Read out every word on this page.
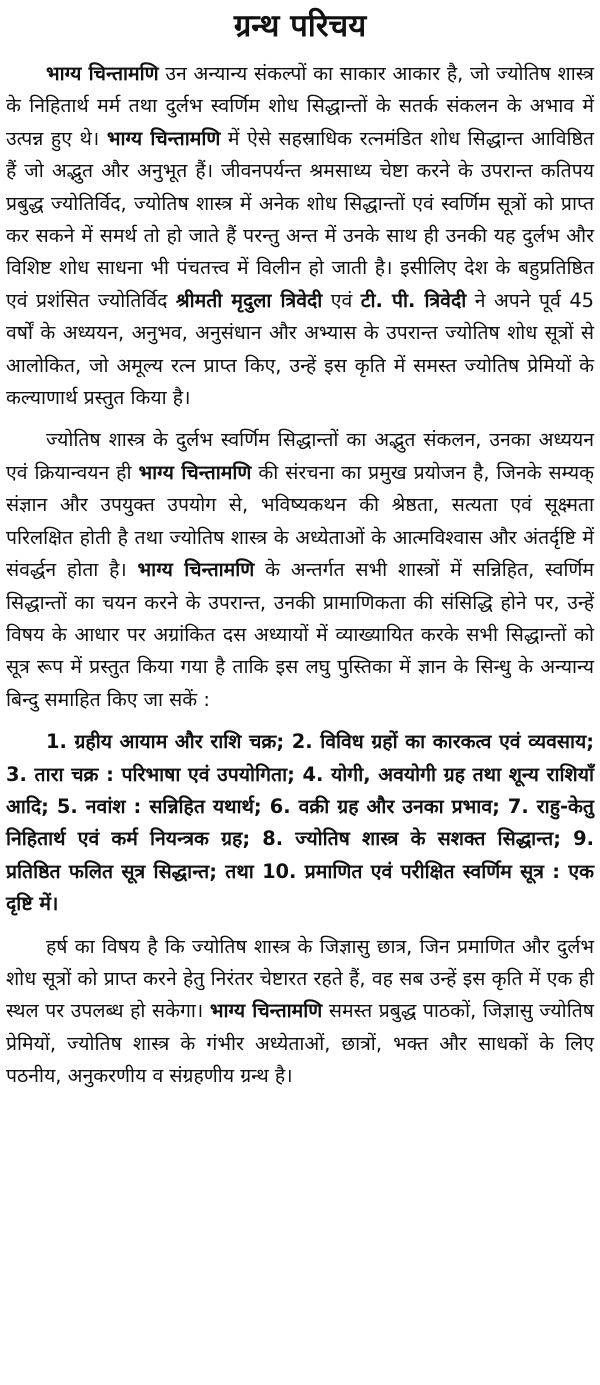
ग्रन्थ परिचय

भाग्य चिन्तामणि उन अन्यान्य संकल्पों का साकार आकार है, जो ज्योतिष शास्त्र के निहितार्थ मर्म तथा दुर्लभ स्वर्णिम शोध सिद्धान्तों के सतर्क संकलन के अभाव में उत्पन्न हुए थे। भाग्य चिन्तामणि में ऐसे सहस्राधिक रत्नमंडित शोध सिद्धान्त आविष्ठित हैं जो अद्भुत और अनुभूत हैं। जीवनपर्यन्त श्रमसाध्य चेष्टा करने के उपरान्त कतिपय प्रबुद्ध ज्योतिर्विद, ज्योतिष शास्त्र में अनेक शोध सिद्धान्तों एवं स्वर्णिम सूत्रों को प्राप्त कर सकने में समर्थ तो हो जाते हैं परन्तु अन्त में उनके साथ ही उनकी यह दुर्लभ और विशिष्ट शोध साधना भी पंचतत्त्व में विलीन हो जाती है। इसीलिए देश के बहुप्रतिष्ठित एवं प्रशंसित ज्योतिर्विद श्रीमती मृदुला त्रिवेदी एवं टी. पी. त्रिवेदी ने अपने पूर्व 45 वर्षों के अध्ययन, अनुभव, अनुसंधान और अभ्यास के उपरान्त ज्योतिष शोध सूत्रों से आलोकित, जो अमूल्य रत्न प्राप्त किए, उन्हें इस कृति में समस्त ज्योतिष प्रेमियों के कल्याणार्थ प्रस्तुत किया है।

ज्योतिष शास्त्र के दुर्लभ स्वर्णिम सिद्धान्तों का अद्भुत संकलन, उनका अध्ययन एवं क्रियान्वयन ही भाग्य चिन्तामणि की संरचना का प्रमुख प्रयोजन है, जिनके सम्यक् संज्ञान और उपयुक्त उपयोग से, भविष्यकथन की श्रेष्ठता, सत्यता एवं सूक्ष्मता परिलक्षित होती है तथा ज्योतिष शास्त्र के अध्येताओं के आत्मविश्वास और अंतर्दृष्टि में संवर्द्धन होता है। भाग्य चिन्तामणि के अन्तर्गत सभी शास्त्रों में सन्निहित, स्वर्णिम सिद्धान्तों का चयन करने के उपरान्त, उनकी प्रामाणिकता की संसिद्धि होने पर, उन्हें विषय के आधार पर अग्रांकित दस अध्यायों में व्याख्यायित करके सभी सिद्धान्तों को सूत्र रूप में प्रस्तुत किया गया है ताकि इस लघु पुस्तिका में ज्ञान के सिन्धु के अन्यान्य बिन्दु समाहित किए जा सकें :

1. ग्रहीय आयाम और राशि चक्र; 2. विविध ग्रहों का कारकत्व एवं व्यवसाय; 3. तारा चक्र : परिभाषा एवं उपयोगिता; 4. योगी, अवयोगी ग्रह तथा शून्य राशियाँ आदि; 5. नवांश : सन्निहित यथार्थ; 6. वक्री ग्रह और उनका प्रभाव; 7. राहु-केतु निहितार्थ एवं कर्म नियन्त्रक ग्रह; 8. ज्योतिष शास्त्र के सशक्त सिद्धान्त; 9. प्रतिष्ठित फलित सूत्र सिद्धान्त; तथा 10. प्रमाणित एवं परीक्षित स्वर्णिम सूत्र : एक दृष्टि में।

हर्ष का विषय है कि ज्योतिष शास्त्र के जिज्ञासु छात्र, जिन प्रमाणित और दुर्लभ शोध सूत्रों को प्राप्त करने हेतु निरंतर चेष्टारत रहते हैं, वह सब उन्हें इस कृति में एक ही स्थल पर उपलब्ध हो सकेगा। भाग्य चिन्तामणि समस्त प्रबुद्ध पाठकों, जिज्ञासु ज्योतिष प्रेमियों, ज्योतिष शास्त्र के गंभीर अध्येताओं, छात्रों, भक्त और साधकों के लिए पठनीय, अनुकरणीय व संग्रहणीय ग्रन्थ है।
